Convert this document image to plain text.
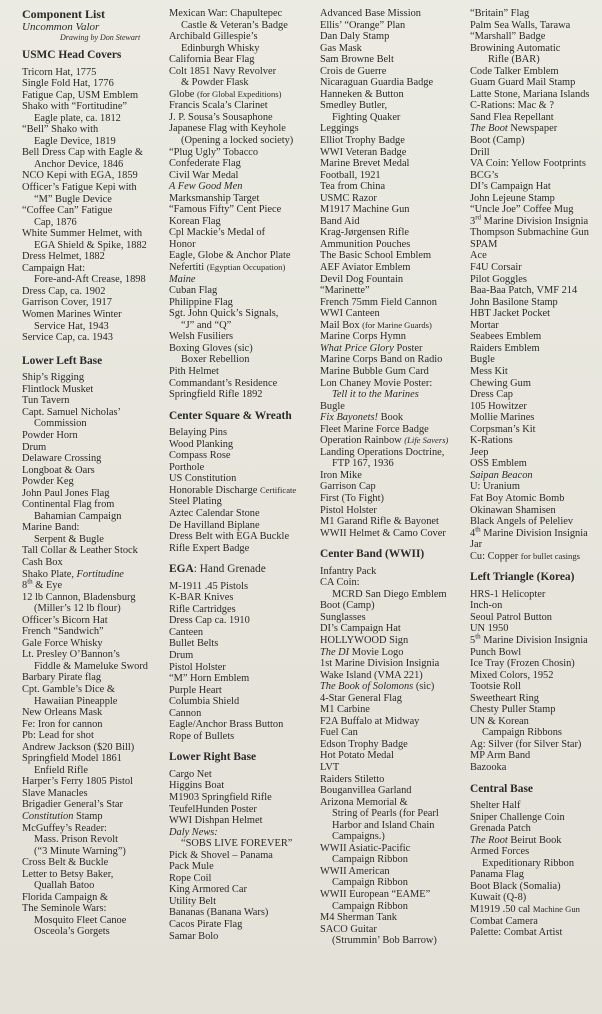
Component List
Uncommon Valor
Drawing by Don Stewart
USMC Head Covers
Tricorn Hat, 1775
Single Fold Hat, 1776
Fatigue Cap, USM Emblem
Shako with “Fortitudine”
Eagle plate, ca. 1812
“Bell” Shako with
Eagle Device, 1819
Bell Dress Cap with Eagle &
Anchor Device, 1846
NCO Kepi with EGA, 1859
Officer’s Fatigue Kepi with
“M” Bugle Device
“Coffee Can” Fatigue
Cap, 1876
White Summer Helmet, with
EGA Shield & Spike, 1882
Dress Helmet, 1882
Campaign Hat:
Fore-and-Aft Crease, 1898
Dress Cap, ca. 1902
Garrison Cover, 1917
Women Marines Winter
Service Hat, 1943
Service Cap, ca. 1943
Lower Left Base
Ship’s Rigging
Flintlock Musket
Tun Tavern
Capt. Samuel Nicholas’
Commission
Powder Horn
Drum
Delaware Crossing
Longboat & Oars
Powder Keg
John Paul Jones Flag
Continental Flag from
Bahamian Campaign
Marine Band:
Serpent & Bugle
Tall Collar & Leather Stock
Cash Box
Shako Plate, Fortitudine
8th & Eye
12 lb Cannon, Bladensburg
(Miller’s 12 lb flour)
Officer’s Bicorn Hat
French “Sandwich”
Gale Force Whisky
Lt. Presley O’Bannon’s
Fiddle & Mameluke Sword
Barbary Pirate flag
Cpt. Gamble’s Dice &
Hawaiian Pineapple
New Orleans Mask
Fe: Iron for cannon
Pb: Lead for shot
Andrew Jackson ($20 Bill)
Springfield Model 1861
Enfield Rifle
Harper’s Ferry 1805 Pistol
Slave Manacles
Brigadier General’s Star
Constitution Stamp
McGuffey’s Reader:
Mass. Prison Revolt
(“3 Minute Warning”)
Cross Belt & Buckle
Letter to Betsy Baker,
Quallah Batoo
Florida Campaign &
The Seminole Wars:
Mosquito Fleet Canoe
Osceola’s Gorgets
Mexican War: Chapultepec
Castle & Veteran’s Badge
Archibald Gillespie’s
Edinburgh Whisky
California Bear Flag
Colt 1851 Navy Revolver
& Powder Flask
Globe (for Global Expeditions)
Francis Scala’s Clarinet
J. P. Sousa’s Sousaphone
Japanese Flag with Keyhole
(Opening a locked society)
“Plug Ugly” Tobacco
Confederate Flag
Civil War Medal
A Few Good Men
Marksmanship Target
“Famous Fifty” Cent Piece
Korean Flag
Cpl Mackie’s Medal of
Honor
Eagle, Globe & Anchor Plate
Nefertiti (Egyptian Occupation)
Maine
Cuban Flag
Philippine Flag
Sgt. John Quick’s Signals,
“J” and “Q”
Welsh Fusiliers
Boxing Gloves (sic)
Boxer Rebellion
Pith Helmet
Commandant’s Residence
Springfield Rifle 1892
Center Square & Wreath
Belaying Pins
Wood Planking
Compass Rose
Porthole
US Constitution
Honorable Discharge Certificate
Steel Plating
Aztec Calendar Stone
De Havilland Biplane
Dress Belt with EGA Buckle
Rifle Expert Badge
EGA: Hand Grenade
M-1911 .45 Pistols
K-BAR Knives
Rifle Cartridges
Dress Cap ca. 1910
Canteen
Bullet Belts
Drum
Pistol Holster
“M” Horn Emblem
Purple Heart
Columbia Shield
Cannon
Eagle/Anchor Brass Button
Rope of Bullets
Lower Right Base
Cargo Net
Higgins Boat
M1903 Springfield Rifle
TeufelHunden Poster
WWI Dishpan Helmet
Daly News:
“SOBS LIVE FOREVER”
Pick & Shovel – Panama
Pack Mule
Rope Coil
King Armored Car
Utility Belt
Bananas (Banana Wars)
Cacos Pirate Flag
Samar Bolo
Advanced Base Mission
Ellis’ “Orange” Plan
Dan Daly Stamp
Gas Mask
Sam Browne Belt
Crois de Guerre
Nicaraguan Guardia Badge
Hanneken & Button
Smedley Butler,
Fighting Quaker
Leggings
Elliot Trophy Badge
WWI Veteran Badge
Marine Brevet Medal
Football, 1921
Tea from China
USMC Razor
M1917 Machine Gun
Band Aid
Krag-Jørgensen Rifle
Ammunition Pouches
The Basic School Emblem
AEF Aviator Emblem
Devil Dog Fountain
“Marinette”
French 75mm Field Cannon
WWI Canteen
Mail Box (for Marine Guards)
Marine Corps Hymn
What Price Glory Poster
Marine Corps Band on Radio
Marine Bubble Gum Card
Lon Chaney Movie Poster:
Tell it to the Marines
Bugle
Fix Bayonets! Book
Fleet Marine Force Badge
Operation Rainbow (Life Savers)
Landing Operations Doctrine,
FTP 167, 1936
Iron Mike
Garrison Cap
First (To Fight)
Pistol Holster
M1 Garand Rifle & Bayonet
WWII Helmet & Camo Cover
Center Band (WWII)
Infantry Pack
CA Coin:
MCRD San Diego Emblem
Boot (Camp)
Sunglasses
DI’s Campaign Hat
HOLLYWOOD Sign
The DI Movie Logo
1st Marine Division Insignia
Wake Island (VMA 221)
The Book of Solomons (sic)
4-Star General Flag
M1 Carbine
F2A Buffalo at Midway
Fuel Can
Edson Trophy Badge
Hot Potato Medal
LVT
Raiders Stiletto
Bouganvillea Garland
Arizona Memorial &
String of Pearls (for Pearl
Harbor and Island Chain
Campaigns.)
WWII Asiatic-Pacific
Campaign Ribbon
WWII American
Campaign Ribbon
WWII European “EAME”
Campaign Ribbon
M4 Sherman Tank
SACO Guitar
(Strummin’ Bob Barrow)
“Britain” Flag
Palm Sea Walls, Tarawa
“Marshall” Badge
Browining Automatic
Rifle (BAR)
Code Talker Emblem
Guam Guard Mail Stamp
Latte Stone, Mariana Islands
C-Rations: Mac & ?
Sand Flea Repellant
The Boot Newspaper
Boot (Camp)
Drill
VA Coin: Yellow Footprints
BCG’s
DI’s Campaign Hat
John Lejeune Stamp
“Uncle Joe” Coffee Mug
3rd Marine Division Insignia
Thompson Submachine Gun
SPAM
Ace
F4U Corsair
Pilot Goggles
Baa-Baa Patch, VMF 214
John Basilone Stamp
HBT Jacket Pocket
Mortar
Seabees Emblem
Raiders Emblem
Bugle
Mess Kit
Chewing Gum
Dress Cap
105 Howitzer
Mollie Marines
Corpsman’s Kit
K-Rations
Jeep
OSS Emblem
Saipan Beacon
U: Uranium
Fat Boy Atomic Bomb
Okinawan Shamisen
Black Angels of Peleliev
4th Marine Division Insignia
Jar
Cu: Copper for bullet casings
Left Triangle (Korea)
HRS-1 Helicopter
Inch-on
Seoul Patrol Button
UN 1950
5th Marine Division Insignia
Punch Bowl
Ice Tray (Frozen Chosin)
Mixed Colors, 1952
Tootsie Roll
Sweetheart Ring
Chesty Puller Stamp
UN & Korean
Campaign Ribbons
Ag: Silver (for Silver Star)
MP Arm Band
Bazooka
Central Base
Shelter Half
Sniper Challenge Coin
Grenada Patch
The Root Beirut Book
Armed Forces
Expeditionary Ribbon
Panama Flag
Boot Black (Somalia)
Kuwait (Q-8)
M1919 .50 cal Machine Gun
Combat Camera
Palette: Combat Artist
